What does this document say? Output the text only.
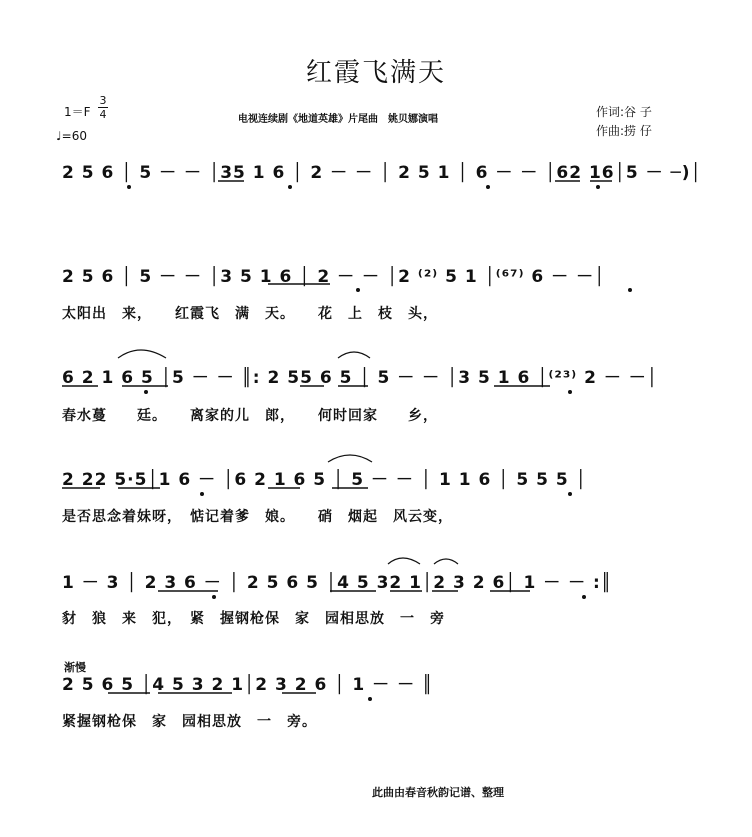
红霞飞满天
1＝F
3
4
♩=60
电视连续剧《地道英雄》片尾曲　姚贝娜演唱
作词:谷 子
作曲:捞 仔
2 5 6 │ 5 － － │35 1 6 │ 2 － － │ 2 5 1 │ 6 － － │62 16│5 － ─)│
2 5 6 │ 5 － － │3 5 1 6 │ 2 － － │2 ⁽²⁾ 5 1 │⁽⁶⁷⁾ 6 － －│
太阳出　来，　　红霞飞　满　天。　　花　上　枝　头，
6 2 1 6 5 │5 － － ║: 2 55 6 5 │ 5 － － │3 5 1 6 │⁽²³⁾ 2 － －│
春水蔓　　廷。　　离家的儿　郎，　　何时回家　　乡，
2 22 5·5│1 6 － │6 2 1 6 5 │ 5 － － │ 1 1 6 │ 5 5 5 │
是否思念着妹呀，　惦记着爹　娘。　　硝　烟起　风云变，
1 － 3 │ 2 3 6 － │ 2 5 6 5 │4 5 32 1│2 3 2 6│ 1 － － :║
豺　狼　来　犯，　紧　握钢枪保　家　园相思放　一　旁
渐慢
2 5 6 5 │4 5 3 2 1│2 3 2 6 │ 1 － － ║
紧握钢枪保　家　园相思放　一　旁。
此曲由春音秋韵记谱、整理
